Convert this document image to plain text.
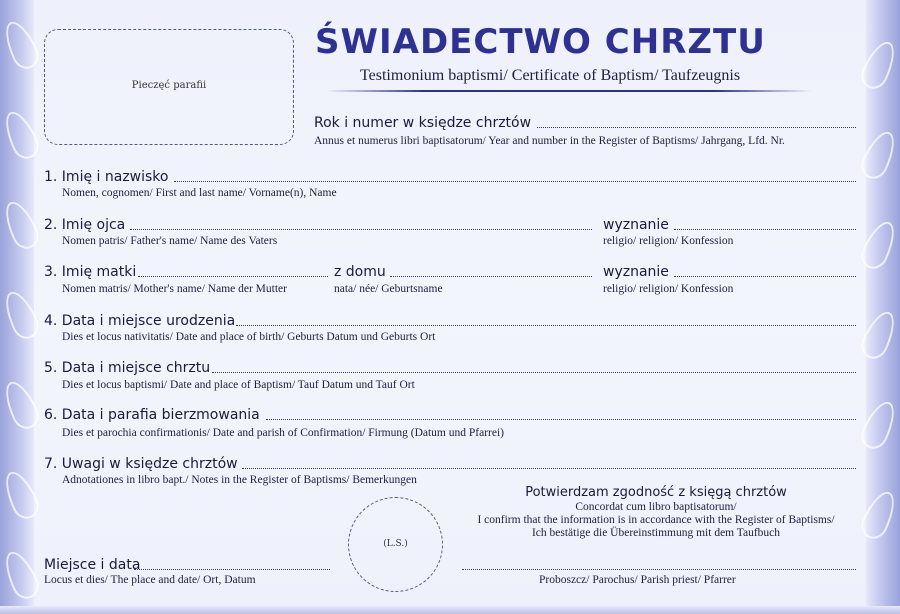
Pieczęć parafii
ŚWIADECTWO CHRZTU
Testimonium baptismi/ Certificate of Baptism/ Taufzeugnis
Rok i numer w księdze chrztów
Annus et numerus libri baptisatorum/ Year and number in the Register of Baptisms/ Jahrgang, Lfd. Nr.
1. Imię i nazwisko
Nomen, cognomen/ First and last name/ Vorname(n), Name
2. Imię ojca
Nomen patris/ Father's name/ Name des Vaters
wyznanie
religio/ religion/ Konfession
3. Imię matki
Nomen matris/ Mother's name/ Name der Mutter
z domu
nata/ née/ Geburtsname
wyznanie
religio/ religion/ Konfession
4. Data i miejsce urodzenia
Dies et locus nativitatis/ Date and place of birth/ Geburts Datum und Geburts Ort
5. Data i miejsce chrztu
Dies et locus baptismi/ Date and place of Baptism/ Tauf Datum und Tauf Ort
6. Data i parafia bierzmowania
Dies et parochia confirmationis/ Date and parish of Confirmation/ Firmung (Datum und Pfarrei)
7. Uwagi w księdze chrztów
Adnotationes in libro bapt./ Notes in the Register of Baptisms/ Bemerkungen
Potwierdzam zgodność z księgą chrztów
Concordat cum libro baptisatorum/
I confirm that the information is in accordance with the Register of Baptisms/
Ich bestätige die Übereinstimmung mit dem Taufbuch
(L.S.)
Miejsce i data
Locus et dies/ The place and date/ Ort, Datum	Proboszcz/ Parochus/ Parish priest/ Pfarrer
